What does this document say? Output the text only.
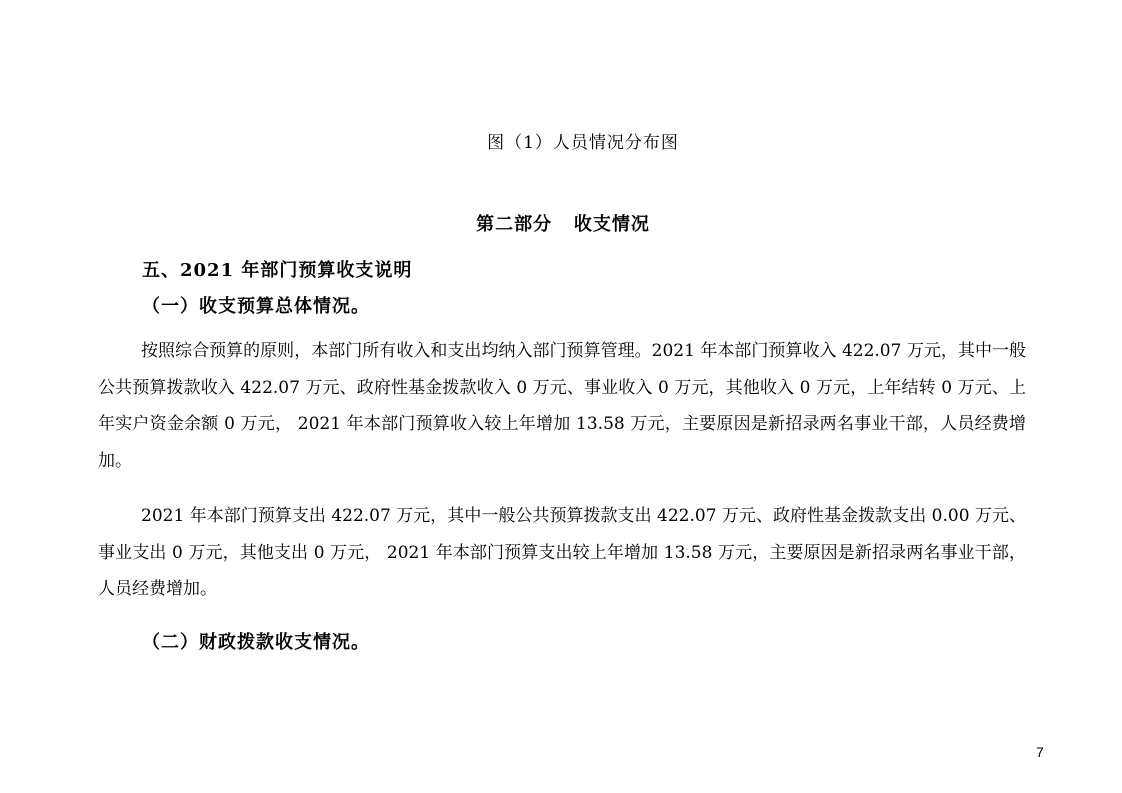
图（1）人员情况分布图
第二部分   收支情况
五、2021 年部门预算收支说明
（一）收支预算总体情况。
按照综合预算的原则，本部门所有收入和支出均纳入部门预算管理。2021 年本部门预算收入 422.07 万元，其中一般公共预算拨款收入 422.07 万元、政府性基金拨款收入 0 万元、事业收入 0 万元，其他收入 0 万元，上年结转 0 万元、上年实户资金余额 0 万元， 2021 年本部门预算收入较上年增加 13.58 万元，主要原因是新招录两名事业干部，人员经费增加。
2021 年本部门预算支出 422.07 万元，其中一般公共预算拨款支出 422.07 万元、政府性基金拨款支出 0.00 万元、事业支出 0 万元，其他支出 0 万元， 2021 年本部门预算支出较上年增加 13.58 万元，主要原因是新招录两名事业干部，人员经费增加。
（二）财政拨款收支情况。
7
